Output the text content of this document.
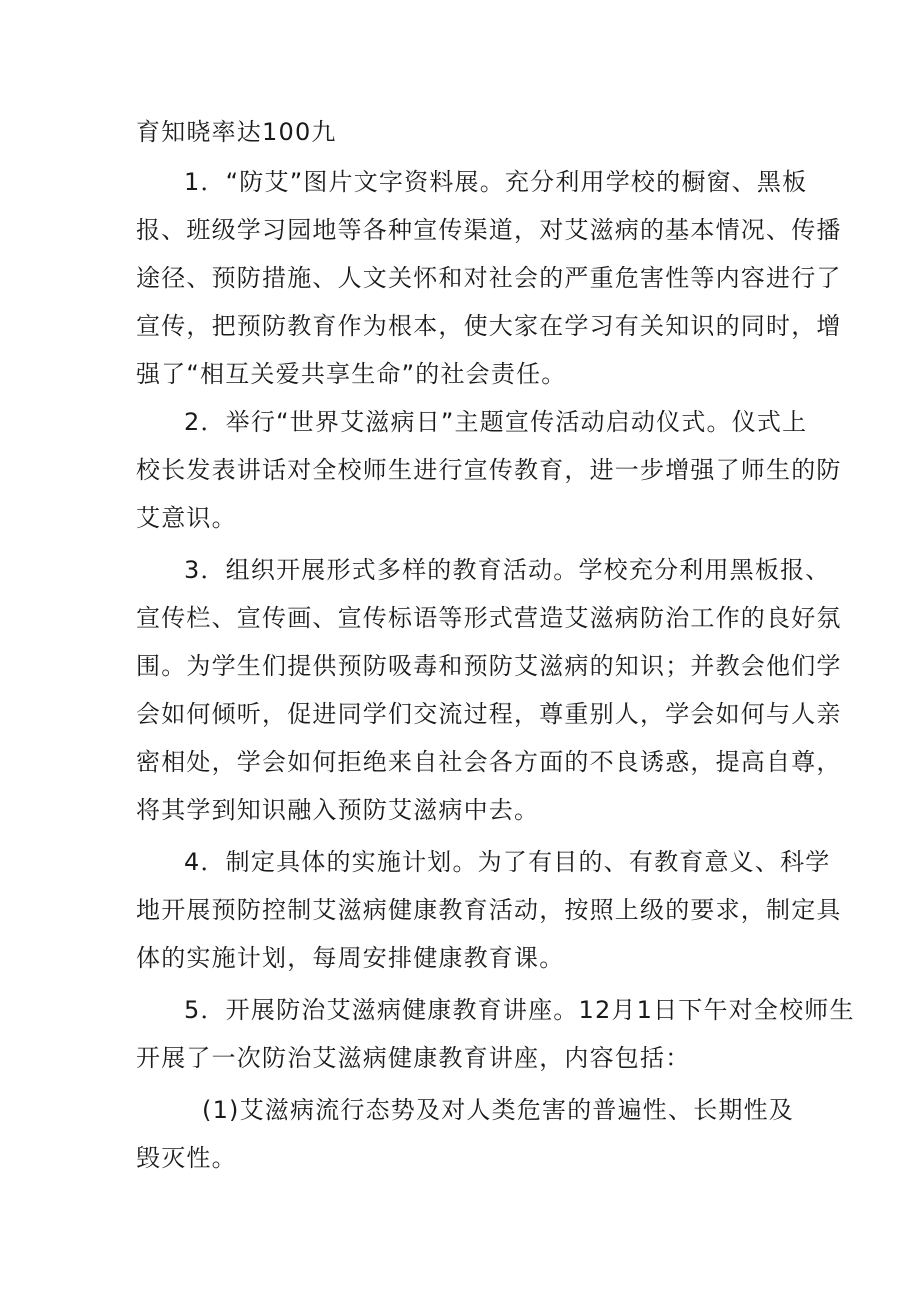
育知晓率达100九
1．“防艾”图片文字资料展。充分利用学校的橱窗、黑板
报、班级学习园地等各种宣传渠道，对艾滋病的基本情况、传播
途径、预防措施、人文关怀和对社会的严重危害性等内容进行了
宣传，把预防教育作为根本，使大家在学习有关知识的同时，增
强了“相互关爱共享生命”的社会责任。
2．举行“世界艾滋病日”主题宣传活动启动仪式。仪式上
校长发表讲话对全校师生进行宣传教育，进一步增强了师生的防
艾意识。
3．组织开展形式多样的教育活动。学校充分利用黑板报、
宣传栏、宣传画、宣传标语等形式营造艾滋病防治工作的良好氛
围。为学生们提供预防吸毒和预防艾滋病的知识；并教会他们学
会如何倾听，促进同学们交流过程，尊重别人，学会如何与人亲
密相处，学会如何拒绝来自社会各方面的不良诱惑，提高自尊，
将其学到知识融入预防艾滋病中去。
4．制定具体的实施计划。为了有目的、有教育意义、科学
地开展预防控制艾滋病健康教育活动，按照上级的要求，制定具
体的实施计划，每周安排健康教育课。
5．开展防治艾滋病健康教育讲座。12月1日下午对全校师生
开展了一次防治艾滋病健康教育讲座，内容包括：
(1)艾滋病流行态势及对人类危害的普遍性、长期性及
毁灭性。
